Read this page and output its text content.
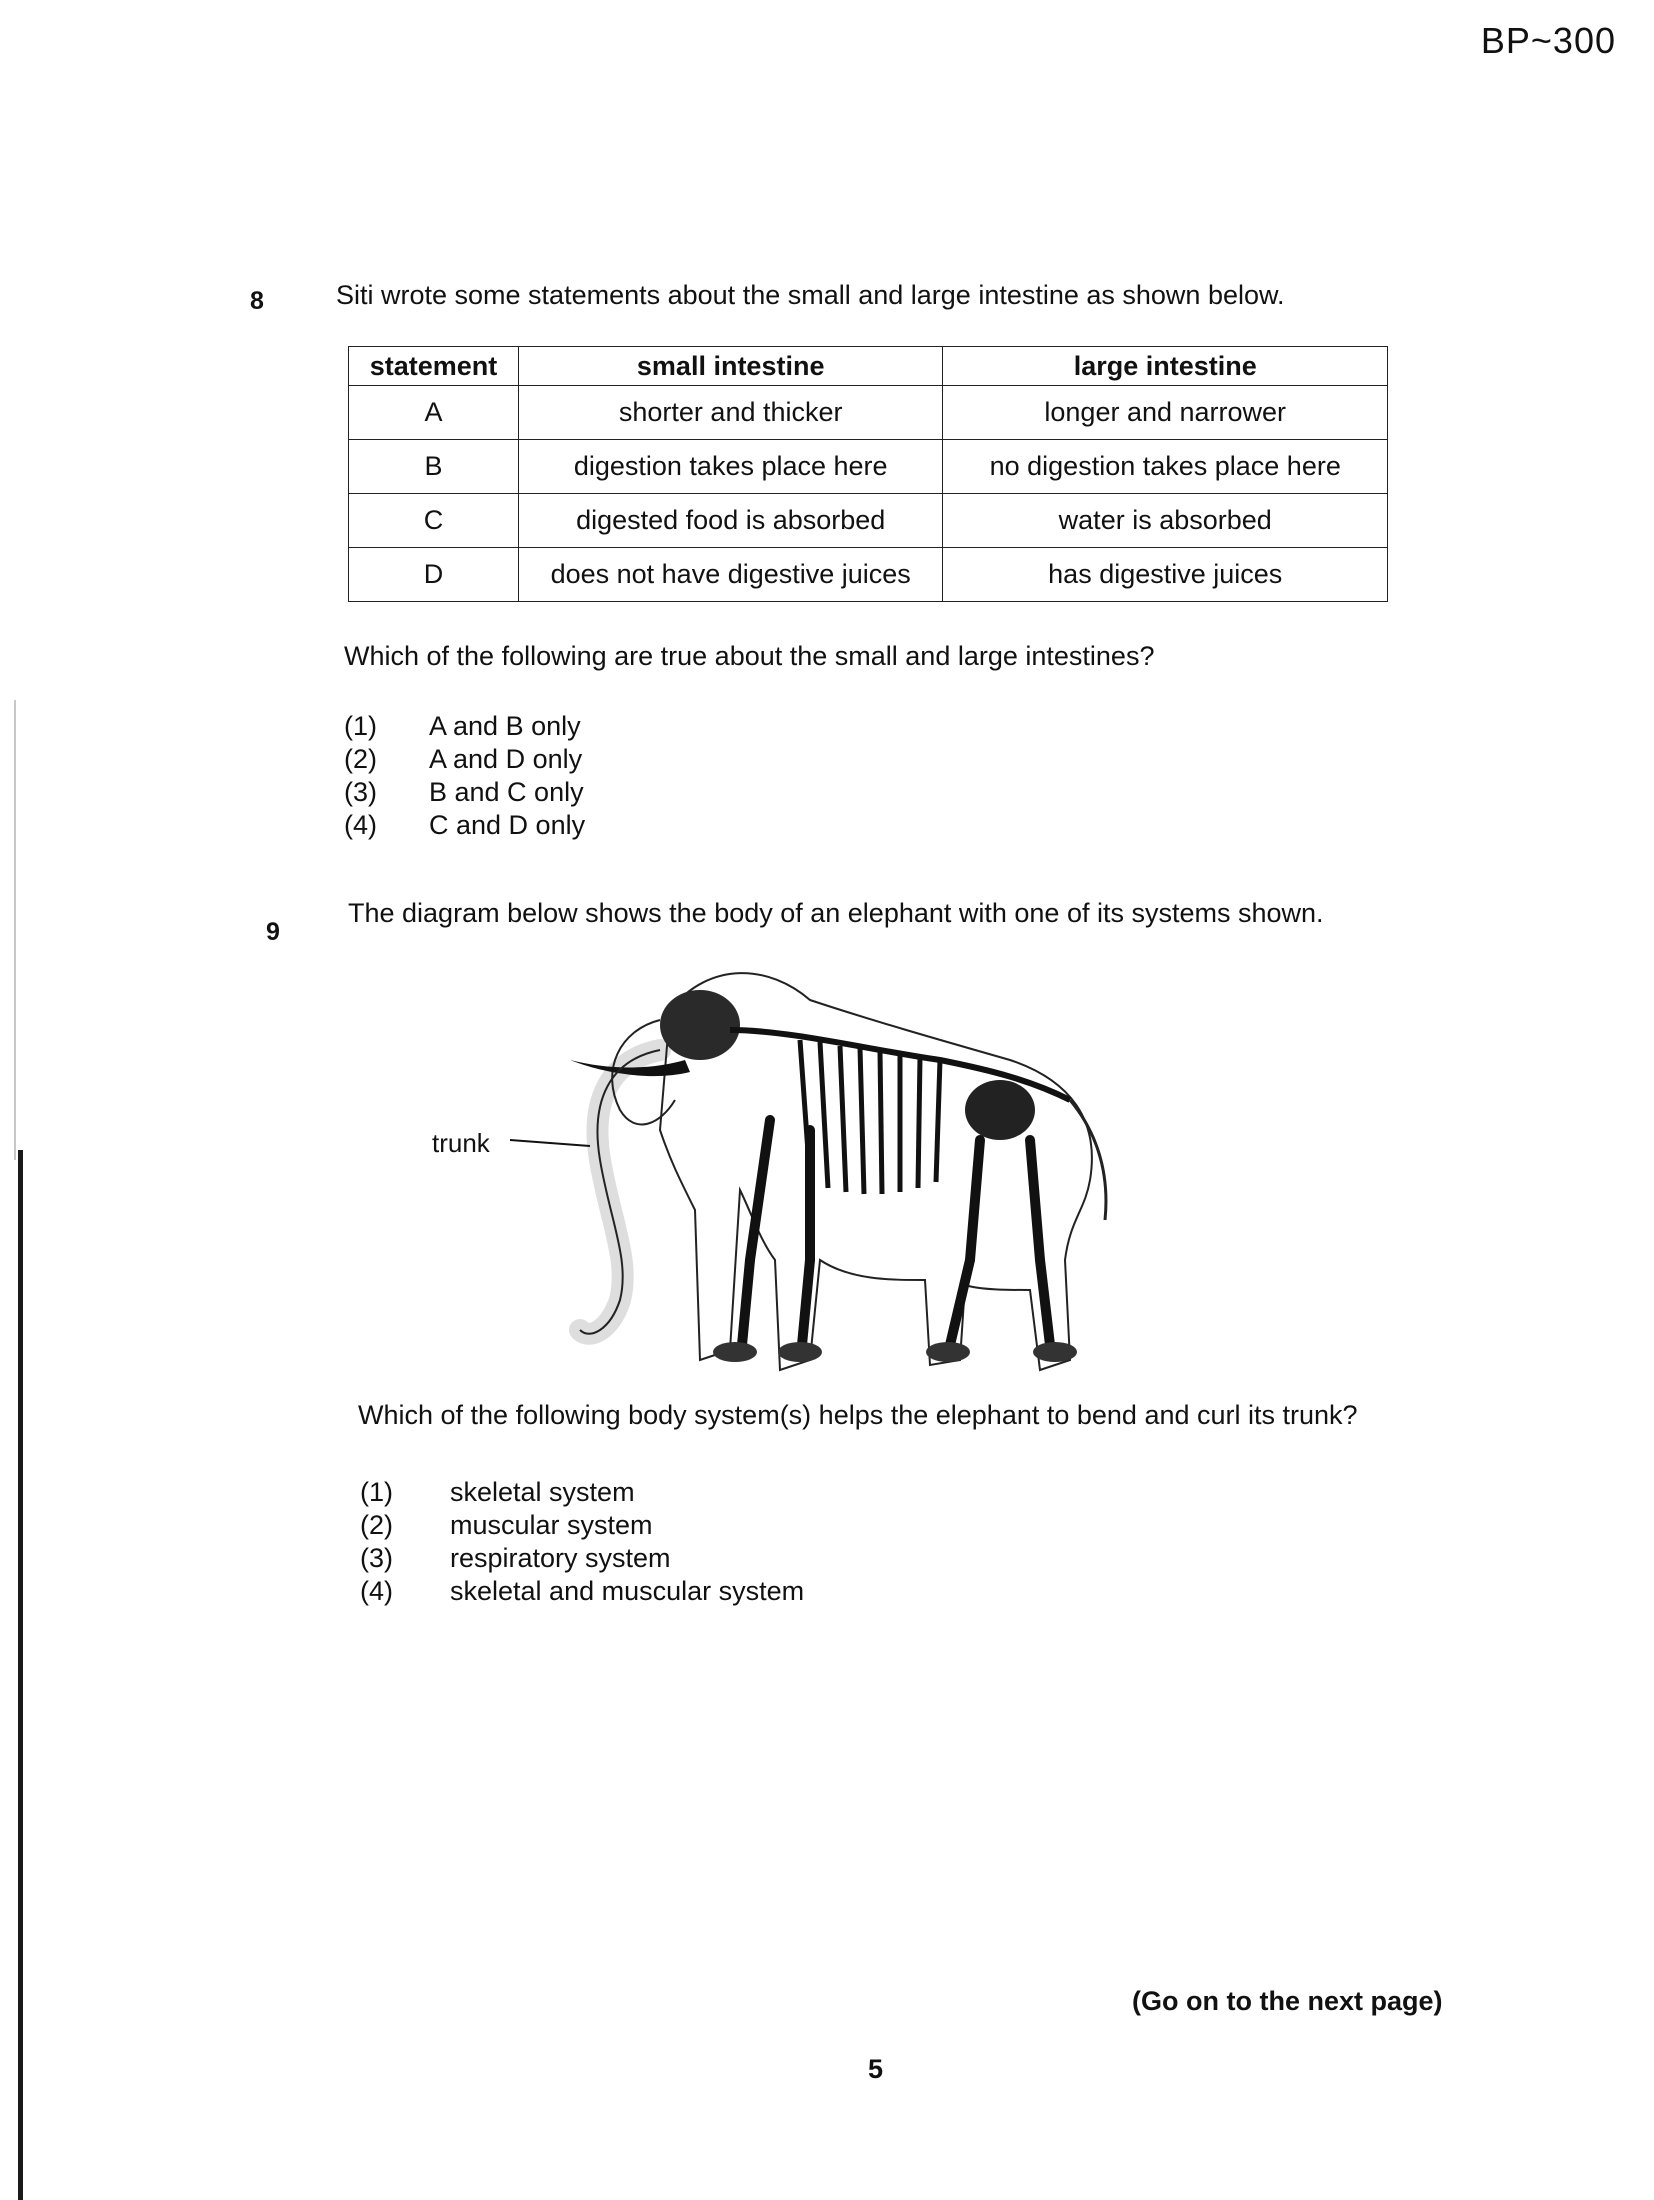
BP~300
8	Siti wrote some statements about the small and large intestine as shown below.
statement	small intestine	large intestine
A	shorter and thicker	longer and narrower
B	digestion takes place here	no digestion takes place here
C	digested food is absorbed	water is absorbed
D	does not have digestive juices	has digestive juices
Which of the following are true about the small and large intestines?
(1) A and B only
(2) A and D only
(3) B and C only
(4) C and D only
9
The diagram below shows the body of an elephant with one of its systems shown.
trunk
Which of the following body system(s) helps the elephant to bend and curl its trunk?
(1) skeletal system
(2) muscular system
(3) respiratory system
(4) skeletal and muscular system
(Go on to the next page)
5
